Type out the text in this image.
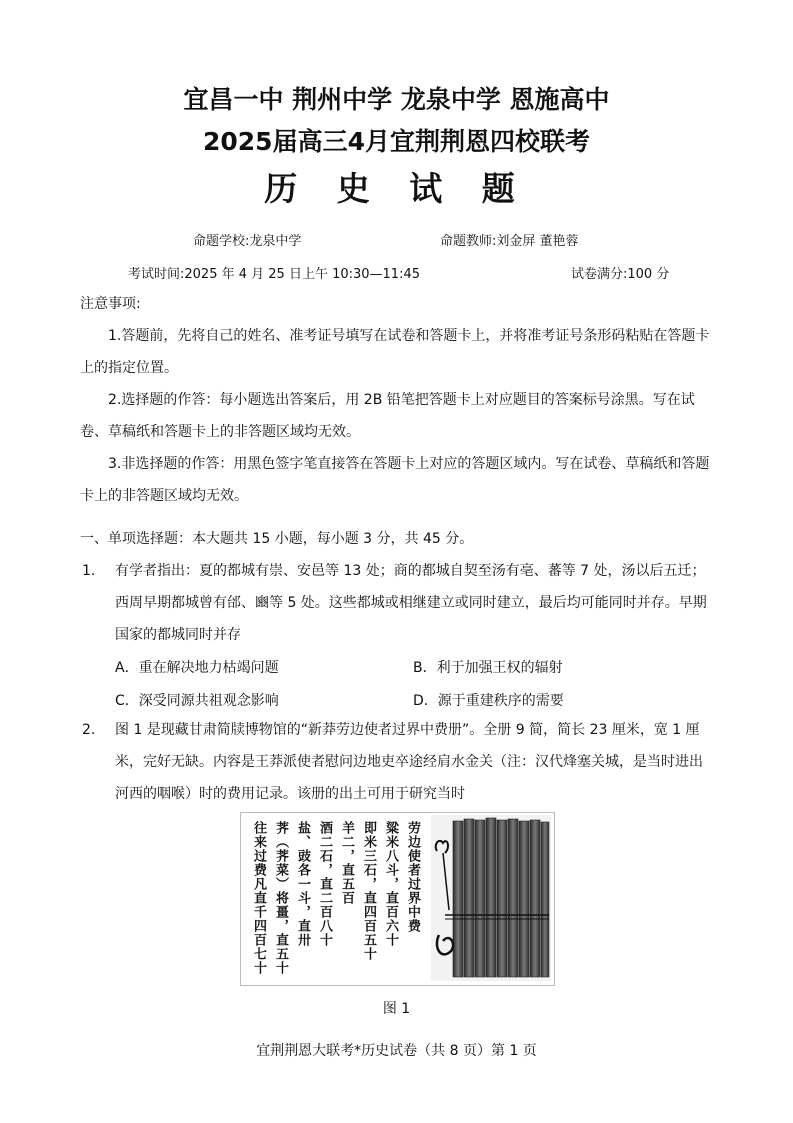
宜昌一中 荆州中学 龙泉中学 恩施高中
2025届高三4月宜荆荆恩四校联考
历 史 试 题
命题学校:龙泉中学	命题教师:刘金屏 董艳蓉
考试时间:2025 年 4 月 25 日上午 10:30—11:45	试卷满分:100 分
注意事项:
1.答题前，先将自己的姓名、准考证号填写在试卷和答题卡上，并将准考证号条形码粘贴在答题卡上的指定位置。
2.选择题的作答：每小题选出答案后，用 2B 铅笔把答题卡上对应题目的答案标号涂黑。写在试卷、草稿纸和答题卡上的非答题区域均无效。
3.非选择题的作答：用黑色签字笔直接答在答题卡上对应的答题区域内。写在试卷、草稿纸和答题卡上的非答题区域均无效。
一、单项选择题：本大题共 15 小题，每小题 3 分，共 45 分。
1. 有学者指出：夏的都城有崇、安邑等 13 处；商的都城自契至汤有亳、蕃等 7 处，汤以后五迁；西周早期都城曾有邰、豳等 5 处。这些都城或相继建立或同时建立，最后均可能同时并存。早期国家的都城同时并存
A．重在解决地力枯竭问题	B．利于加强王权的辐射
C．深受同源共祖观念影响	D．源于重建秩序的需要
2. 图 1 是现藏甘肃简牍博物馆的“新莽劳边使者过界中费册”。全册 9 简，简长 23 厘米，宽 1 厘米，完好无缺。内容是王莽派使者慰问边地吏卒途经肩水金关（注：汉代烽塞关城，是当时进出河西的咽喉）时的费用记录。该册的出土可用于研究当时
劳边使者过界中费
粱米八斗，直百六十
即米三石，直四百五十
羊二，直五百
酒二石，直二百八十
盐、豉各一斗，直卅
荠（荠菜）将畺，直五十
往来过费凡直千四百七十
图 1
宜荆荆恩大联考*历史试卷（共 8 页）第 1 页
